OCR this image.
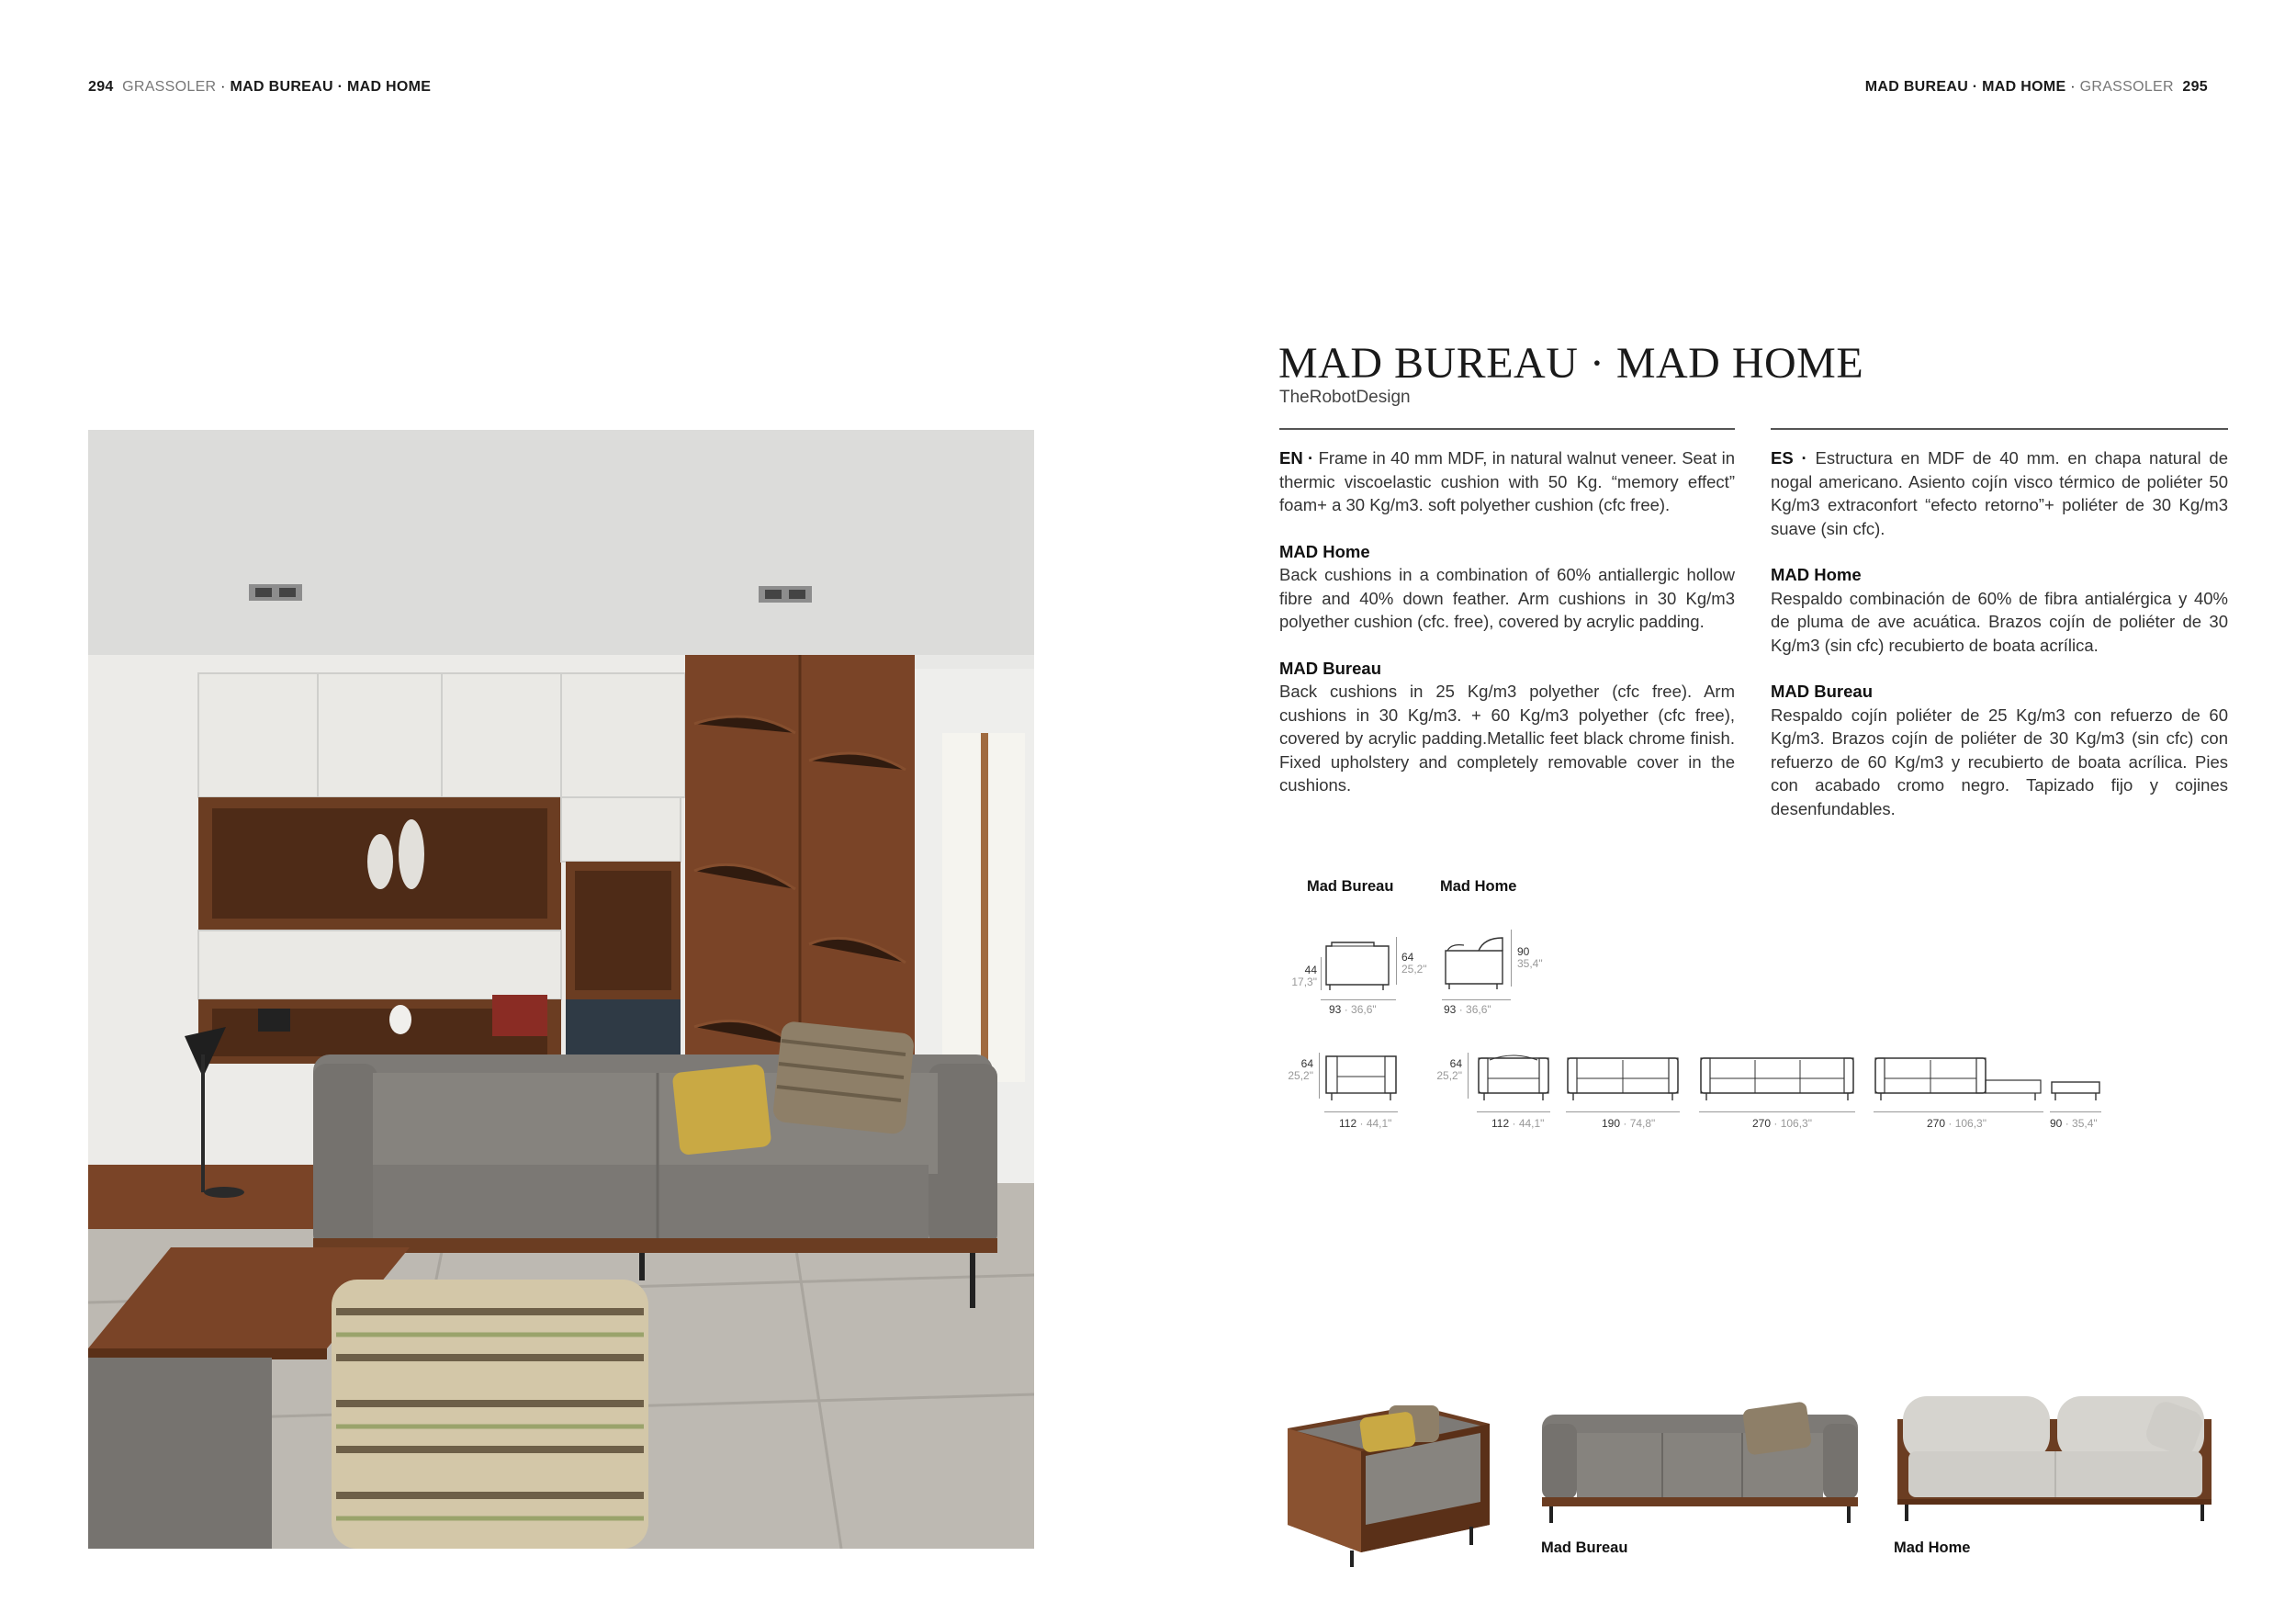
294 GRASSOLER · MAD BUREAU · MAD HOME	MAD BUREAU · MAD HOME · GRASSOLER 295
MAD BUREAU · MAD HOME
TheRobotDesign

EN · Frame in 40 mm MDF, in natural walnut veneer. Seat in thermic viscoelastic cushion with 50 Kg. “memory effect” foam+ a 30 Kg/m3. soft polyether cushion (cfc free).

MAD Home
Back cushions in a combination of 60% antiallergic hollow fibre and 40% down feather. Arm cushions in 30 Kg/m3 polyether cushion (cfc. free), covered by acrylic padding.

MAD Bureau
Back cushions in 25 Kg/m3 polyether (cfc free). Arm cushions in 30 Kg/m3. + 60 Kg/m3 polyether (cfc free), covered by acrylic padding.Metallic feet black chrome finish. Fixed upholstery and completely removable cover in the cushions.

ES · Estructura en MDF de 40 mm. en chapa natural de nogal americano. Asiento cojín visco térmico de poliéter 50 Kg/m3 extraconfort “efecto retorno”+ poliéter de 30 Kg/m3 suave (sin cfc).

MAD Home
Respaldo combinación de 60% de fibra antialérgica y 40% de pluma de ave acuática. Brazos cojín de poliéter de 30 Kg/m3 (sin cfc) recubierto de boata acrílica.

MAD Bureau
Respaldo cojín poliéter de 25 Kg/m3 con refuerzo de 60 Kg/m3. Brazos cojín de poliéter de 30 Kg/m3 (sin cfc) con refuerzo de 60 Kg/m3 y recubierto de boata acrílica. Pies con acabado cromo negro. Tapizado fijo y cojines desenfundables.

Mad Bureau	Mad Home
44
17,3"
64
25,2"
93 · 36,6"
90
35,4"
93 · 36,6"
64
25,2"
64
25,2"
112 · 44,1"	112 · 44,1"	190 · 74,8"	270 · 106,3"	270 · 106,3"	90 · 35,4"
Mad Bureau	Mad Home
